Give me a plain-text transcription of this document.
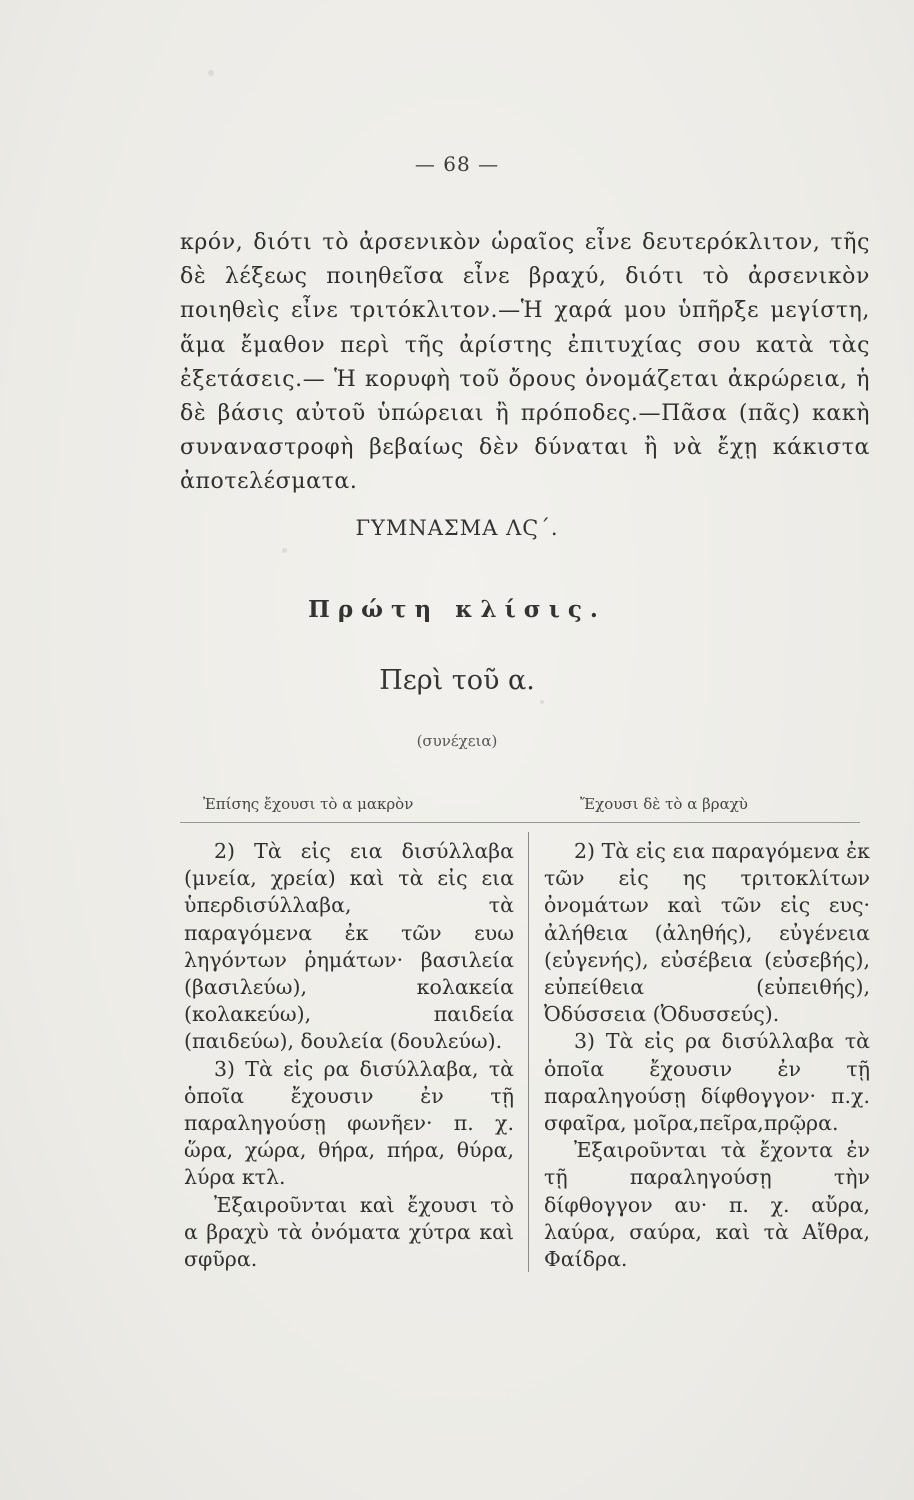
— 68 —

κρόν, διότι τὸ ἀρσενικὸν ὡραῖος εἶνε δευτερόκλιτον, τῆς δὲ λέξεως ποιηθεῖσα εἶνε βραχύ, διότι τὸ ἀρσενικὸν ποιηθεὶς εἶνε τριτόκλιτον.—Ἡ χαρά μου ὑπῆρξε μεγίστη, ἅμα ἔμαθον περὶ τῆς ἀρίστης ἐπιτυχίας σου κατὰ τὰς ἐξετάσεις.— Ἡ κορυφὴ τοῦ ὄρους ὀνομάζεται ἀκρώρεια, ἡ δὲ βάσις αὐτοῦ ὑπώρειαι ἢ πρόποδες.—Πᾶσα (πᾶς) κακὴ συναναστροφὴ βεβαίως δὲν δύναται ἢ νὰ ἔχῃ κάκιστα ἀποτελέσματα.

ΓΥΜΝΑΣΜΑ ΛϚ΄.
Πρώτη κλίσις.
Περὶ τοῦ α.
(συνέχεια)
Ἐπίσης ἔχουσι τὸ α μακρὸν	Ἔχουσι δὲ τὸ α βραχὺ

2) Τὰ εἰς εια δισύλλαβα (μνεία, χρεία) καὶ τὰ εἰς εια ὑπερδισύλλαβα, τὰ παραγόμενα ἐκ τῶν ευω ληγόντων ῥημάτων· βασιλεία (βασιλεύω), κολακεία (κολακεύω), παιδεία (παιδεύω), δουλεία (δουλεύω).

3) Τὰ εἰς ρα δισύλλαβα, τὰ ὁποῖα ἔχουσιν ἐν τῇ παραληγούσῃ φωνῆεν· π. χ. ὥρα, χώρα, θήρα, πήρα, θύρα, λύρα κτλ.

Ἐξαιροῦνται καὶ ἔχουσι τὸ α βραχὺ τὰ ὀνόματα χύτρα καὶ σφῦρα.

2) Τὰ εἰς εια παραγόμενα ἐκ τῶν εἰς ης τριτοκλίτων ὀνομάτων καὶ τῶν εἰς ευς· ἀλήθεια (ἀληθής), εὐγένεια (εὐγενής), εὐσέβεια (εὐσεβής), εὐπείθεια (εὐπειθής), Ὀδύσσεια (Ὀδυσσεύς).

3) Τὰ εἰς ρα δισύλλαβα τὰ ὁποῖα ἔχουσιν ἐν τῇ παραληγούσῃ δίφθογγον· π.χ. σφαῖρα, μοῖρα,πεῖρα,πρῷρα.

Ἐξαιροῦνται τὰ ἔχοντα ἐν τῇ παραληγούσῃ τὴν δίφθογγον αυ· π. χ. αὔρα, λαύρα, σαύρα, καὶ τὰ Αἴθρα, Φαίδρα.
